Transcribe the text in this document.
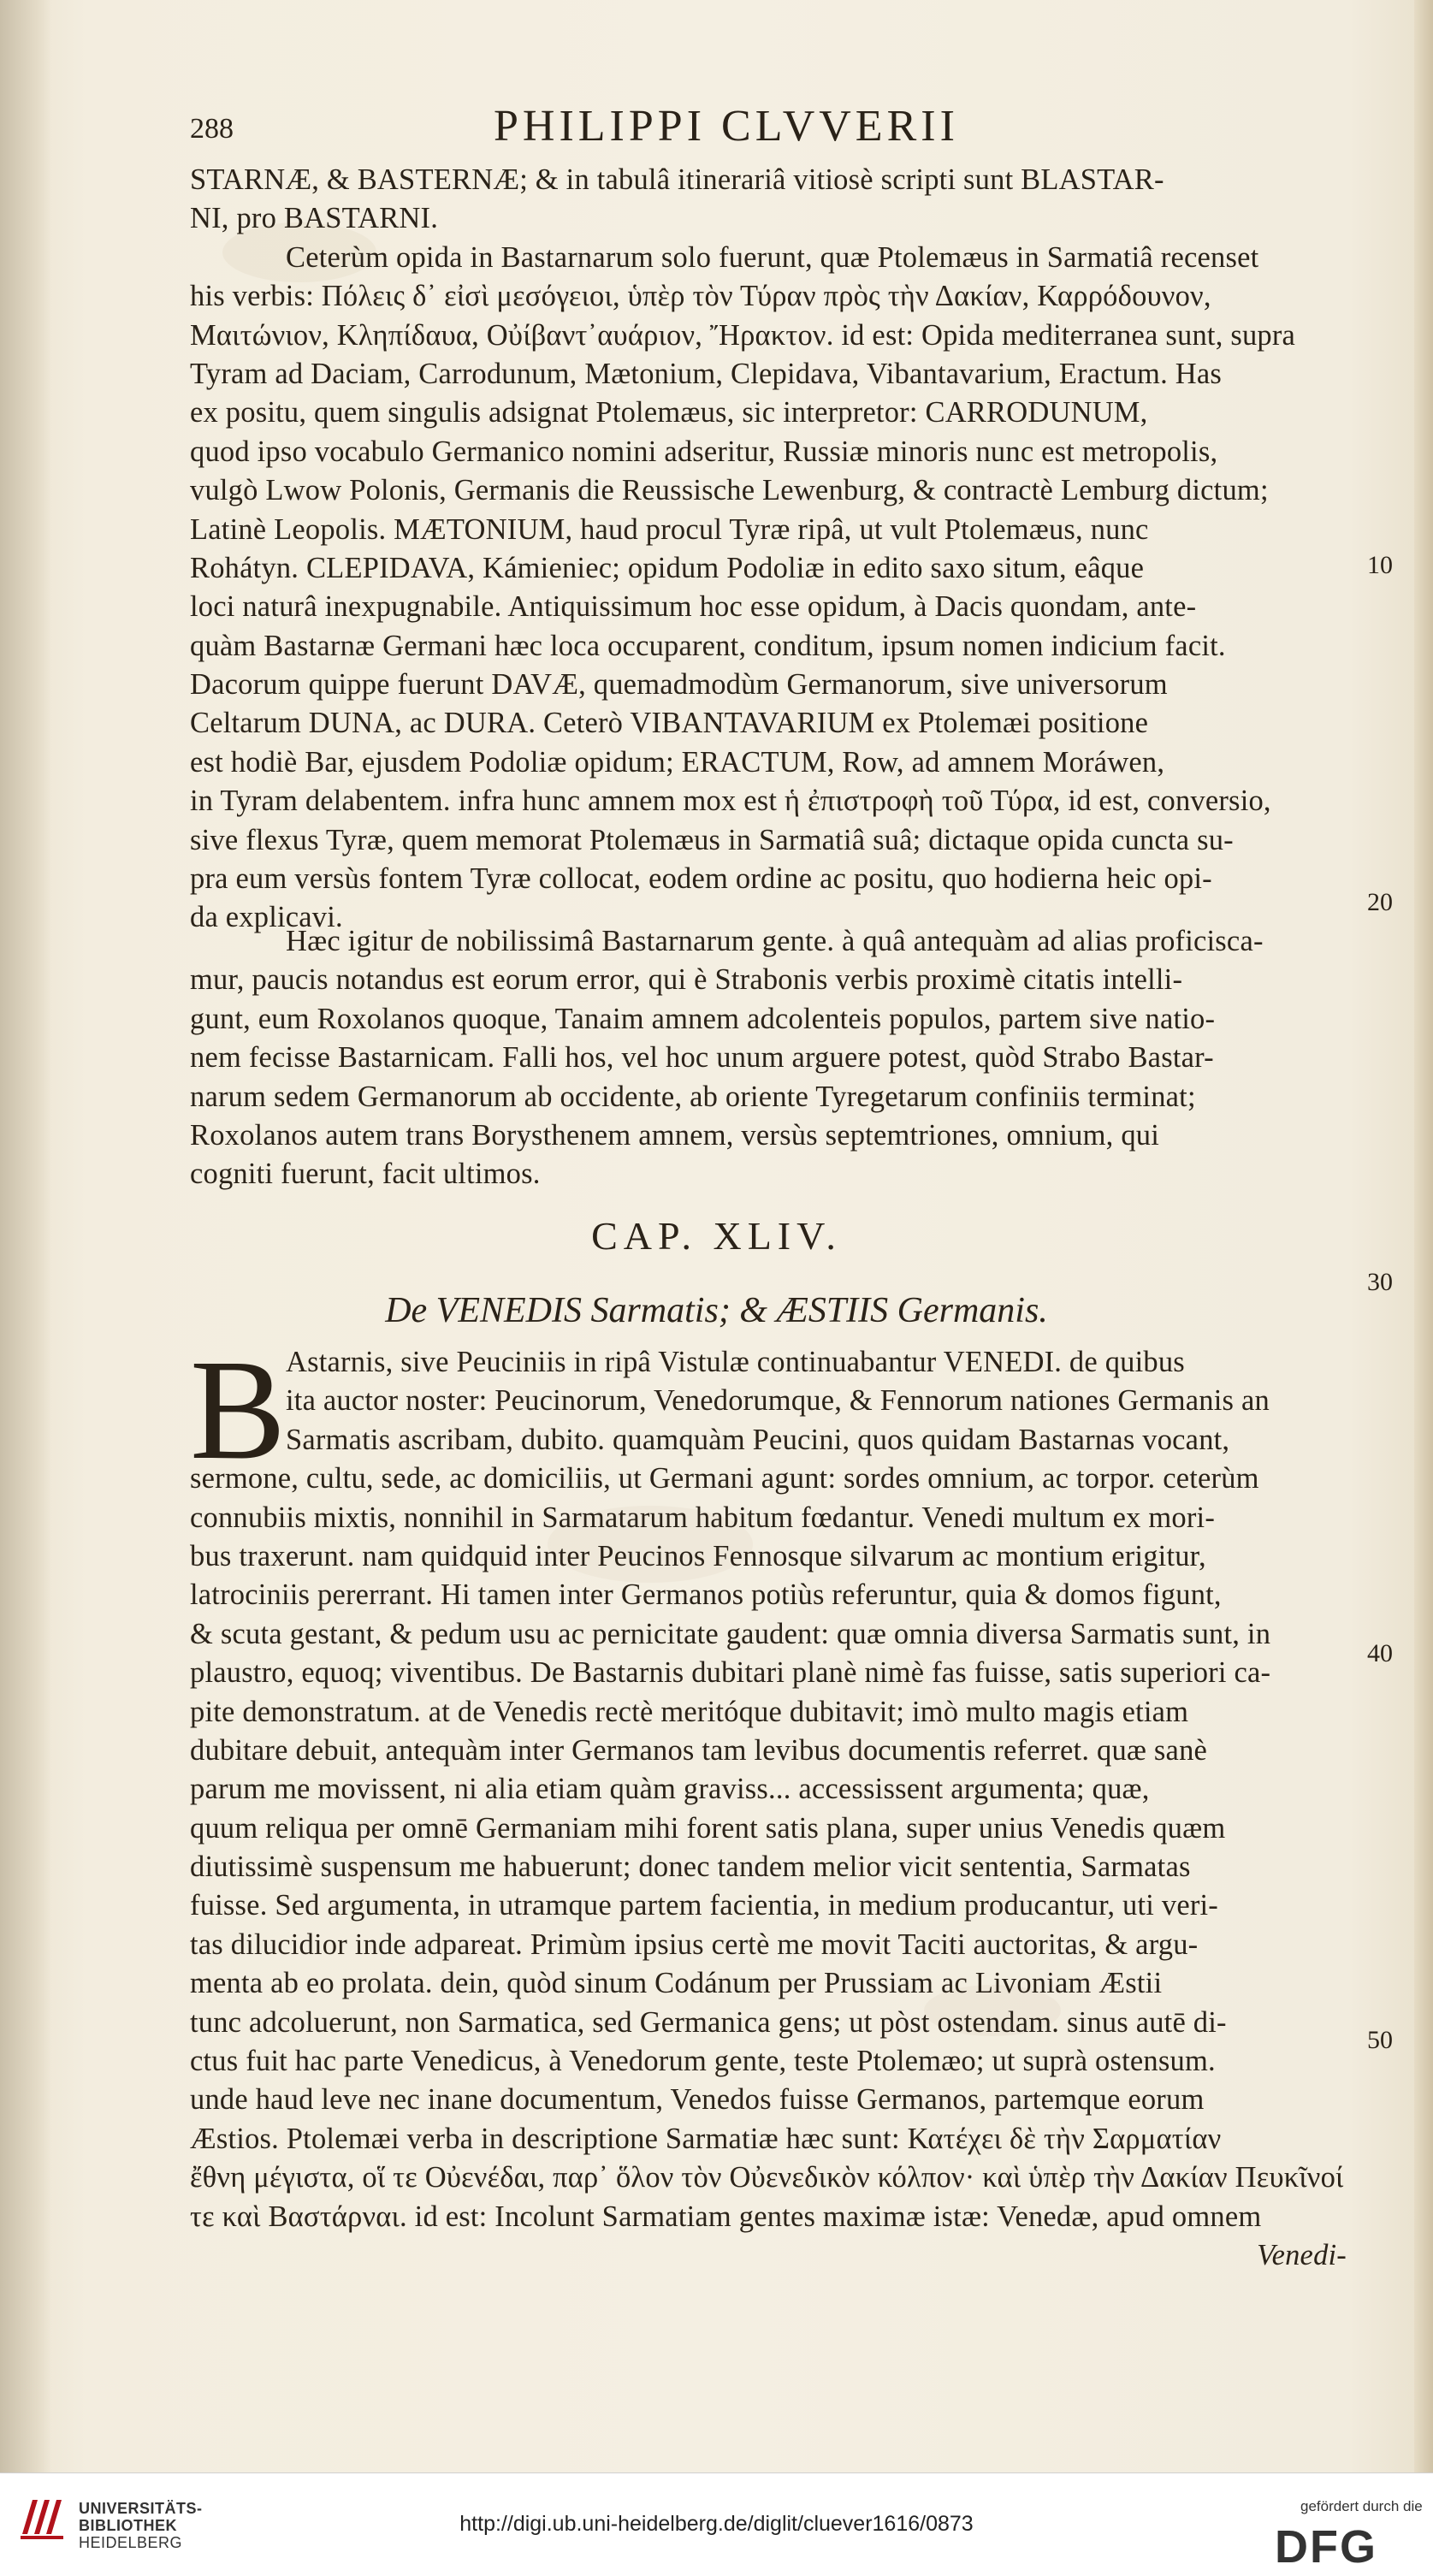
288	PHILIPPI CLVVERII
STARNÆ, & BASTERNÆ; & in tabulâ itinerariâ vitiosè scripti sunt BLASTAR-
NI, pro BASTARNI.
Ceterùm opida in Bastarnarum solo fuerunt, quæ Ptolemæus in Sarmatiâ recenset
his verbis: Πόλεις δ᾽ εἰσὶ μεσόγειοι, ὑπὲρ τὸν Τύραν πρὸς τὴν Δακίαν, Καρρόδουνον,
Μαιτώνιον, Κληπίδαυα, Οὐίβαντ᾽αυάριον, Ἤρακτον. id est: Opida mediterranea sunt, supra
Tyram ad Daciam, Carrodunum, Mætonium, Clepidava, Vibantavarium, Eractum. Has
ex positu, quem singulis adsignat Ptolemæus, sic interpretor: CARRODUNUM,
quod ipso vocabulo Germanico nomini adseritur, Russiæ minoris nunc est metropolis,
vulgò Lwow Polonis, Germanis die Reussische Lewenburg, & contractè Lemburg dictum;
Latinè Leopolis. MÆTONIUM, haud procul Tyræ ripâ, ut vult Ptolemæus, nunc
Rohátyn. CLEPIDAVA, Kámieniec; opidum Podoliæ in edito saxo situm, eâque
loci naturâ inexpugnabile. Antiquissimum hoc esse opidum, à Dacis quondam, ante-
quàm Bastarnæ Germani hæc loca occuparent, conditum, ipsum nomen indicium facit.
Dacorum quippe fuerunt DAVÆ, quemadmodùm Germanorum, sive universorum
Celtarum DUNA, ac DURA. Ceterò VIBANTAVARIUM ex Ptolemæi positione
est hodiè Bar, ejusdem Podoliæ opidum; ERACTUM, Row, ad amnem Moráwen,
in Tyram delabentem. infra hunc amnem mox est ἡ ἐπιστροφὴ τοῦ Τύρα, id est, conversio,
sive flexus Tyræ, quem memorat Ptolemæus in Sarmatiâ suâ; dictaque opida cuncta su-
pra eum versùs fontem Tyræ collocat, eodem ordine ac positu, quo hodierna heic opi-
da explicavi.
Hæc igitur de nobilissimâ Bastarnarum gente. à quâ antequàm ad alias proficisca-
mur, paucis notandus est eorum error, qui è Strabonis verbis proximè citatis intelli-
gunt, eum Roxolanos quoque, Tanaim amnem adcolenteis populos, partem sive natio-
nem fecisse Bastarnicam. Falli hos, vel hoc unum arguere potest, quòd Strabo Bastar-
narum sedem Germanorum ab occidente, ab oriente Tyregetarum confiniis terminat;
Roxolanos autem trans Borysthenem amnem, versùs septemtriones, omnium, qui
cogniti fuerunt, facit ultimos.
CAP. XLIV.
De VENEDIS Sarmatis; & ÆSTIIS Germanis.
B Astarnis, sive Peuciniis in ripâ Vistulæ continuabantur VENEDI. de quibus
ita auctor noster: Peucinorum, Venedorumque, & Fennorum nationes Germanis an
Sarmatis ascribam, dubito. quamquàm Peucini, quos quidam Bastarnas vocant,
sermone, cultu, sede, ac domiciliis, ut Germani agunt: sordes omnium, ac torpor. ceterùm
connubiis mixtis, nonnihil in Sarmatarum habitum fœdantur. Venedi multum ex mori-
bus traxerunt. nam quidquid inter Peucinos Fennosque silvarum ac montium erigitur,
latrociniis pererrant. Hi tamen inter Germanos potiùs referuntur, quia & domos figunt,
& scuta gestant, & pedum usu ac pernicitate gaudent: quæ omnia diversa Sarmatis sunt, in
plaustro, equoq; viventibus. De Bastarnis dubitari planè nimè fas fuisse, satis superiori ca-
pite demonstratum. at de Venedis rectè meritóque dubitavit; imò multo magis etiam
dubitare debuit, antequàm inter Germanos tam levibus documentis referret. quæ sanè
parum me movissent, ni alia etiam quàm graviss... accessissent argumenta; quæ,
quum reliqua per omnē Germaniam mihi forent satis plana, super unius Venedis quæm
diutissimè suspensum me habuerunt; donec tandem melior vicit sententia, Sarmatas
fuisse. Sed argumenta, in utramque partem facientia, in medium producantur, uti veri-
tas dilucidior inde adpareat. Primùm ipsius certè me movit Taciti auctoritas, & argu-
menta ab eo prolata. dein, quòd sinum Codánum per Prussiam ac Livoniam Æstii
tunc adcoluerunt, non Sarmatica, sed Germanica gens; ut pòst ostendam. sinus autē di-
ctus fuit hac parte Venedicus, à Venedorum gente, teste Ptolemæo; ut suprà ostensum.
unde haud leve nec inane documentum, Venedos fuisse Germanos, partemque eorum
Æstios. Ptolemæi verba in descriptione Sarmatiæ hæc sunt: Κατέχει δὲ τὴν Σαρματίαν
ἔθνη μέγιστα, οἵ τε Οὐενέδαι, παρ᾽ ὅλον τὸν Οὐενεδικὸν κόλπον· καὶ ὑπὲρ τὴν Δακίαν Πευκῖνοί
τε καὶ Βαστάρναι. id est: Incolunt Sarmatiam gentes maximæ istæ: Venedæ, apud omnem
Venedi-
10
20
30
40
50
UNIVERSITÄTS-
BIBLIOTHEK
HEIDELBERG
http://digi.ub.uni-heidelberg.de/diglit/cluever1616/0873
gefördert durch die
DFG
